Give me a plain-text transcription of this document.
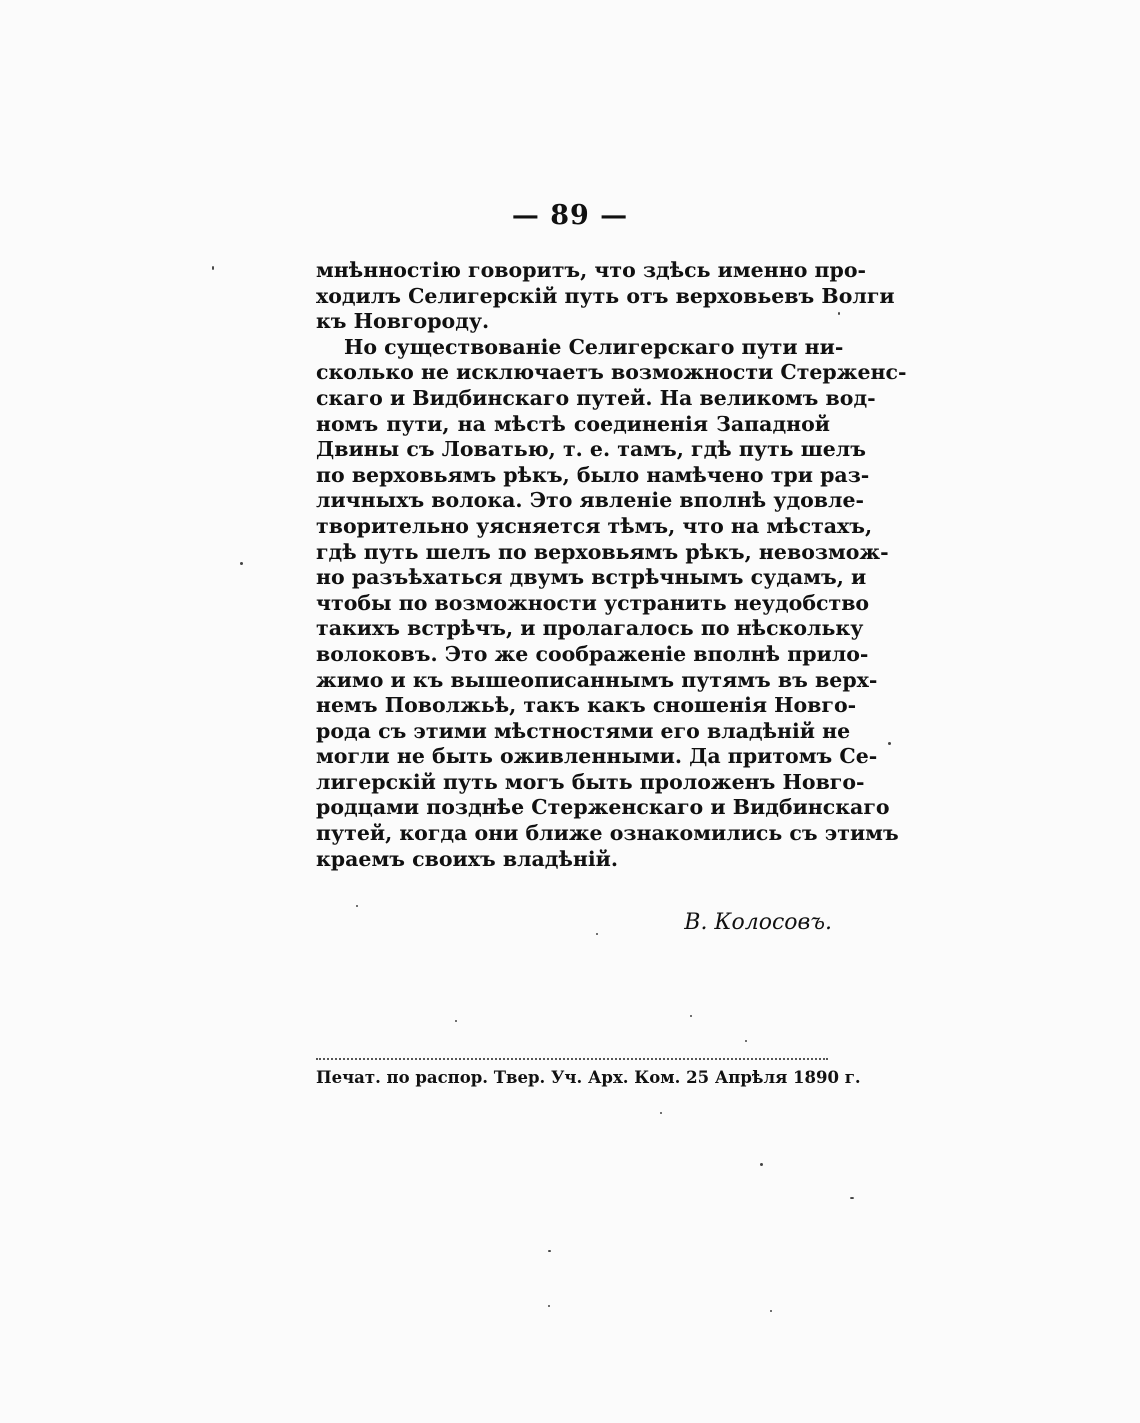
— 89 —
мнѣнностію говоритъ, что здѣсь именно про-
ходилъ Селигерскій путь отъ верховьевъ Волги
къ Новгороду.
Но существованіе Селигерскаго пути ни-
сколько не исключаетъ возможности Стерженс-
скаго и Видбинскаго путей. На великомъ вод-
номъ пути, на мѣстѣ соединенія Западной
Двины съ Ловатью, т. е. тамъ, гдѣ путь шелъ
по верховьямъ рѣкъ, было намѣчено три раз-
личныхъ волока. Это явленіе вполнѣ удовле-
творительно уясняется тѣмъ, что на мѣстахъ,
гдѣ путь шелъ по верховьямъ рѣкъ, невозмож-
но разъѣхаться двумъ встрѣчнымъ судамъ, и
чтобы по возможности устранить неудобство
такихъ встрѣчъ, и пролагалось по нѣскольку
волоковъ. Это же соображеніе вполнѣ прило-
жимо и къ вышеописаннымъ путямъ въ верх-
немъ Поволжьѣ, такъ какъ сношенія Новго-
рода съ этими мѣстностями его владѣній не
могли не быть оживленными. Да притомъ Се-
лигерскій путь могъ быть проложенъ Новго-
родцами позднѣе Стерженскаго и Видбинскаго
путей, когда они ближе ознакомились съ этимъ
краемъ своихъ владѣній.
В. Колосовъ.
Печат. по распор. Твер. Уч. Арх. Ком. 25 Апрѣля 1890 г.
